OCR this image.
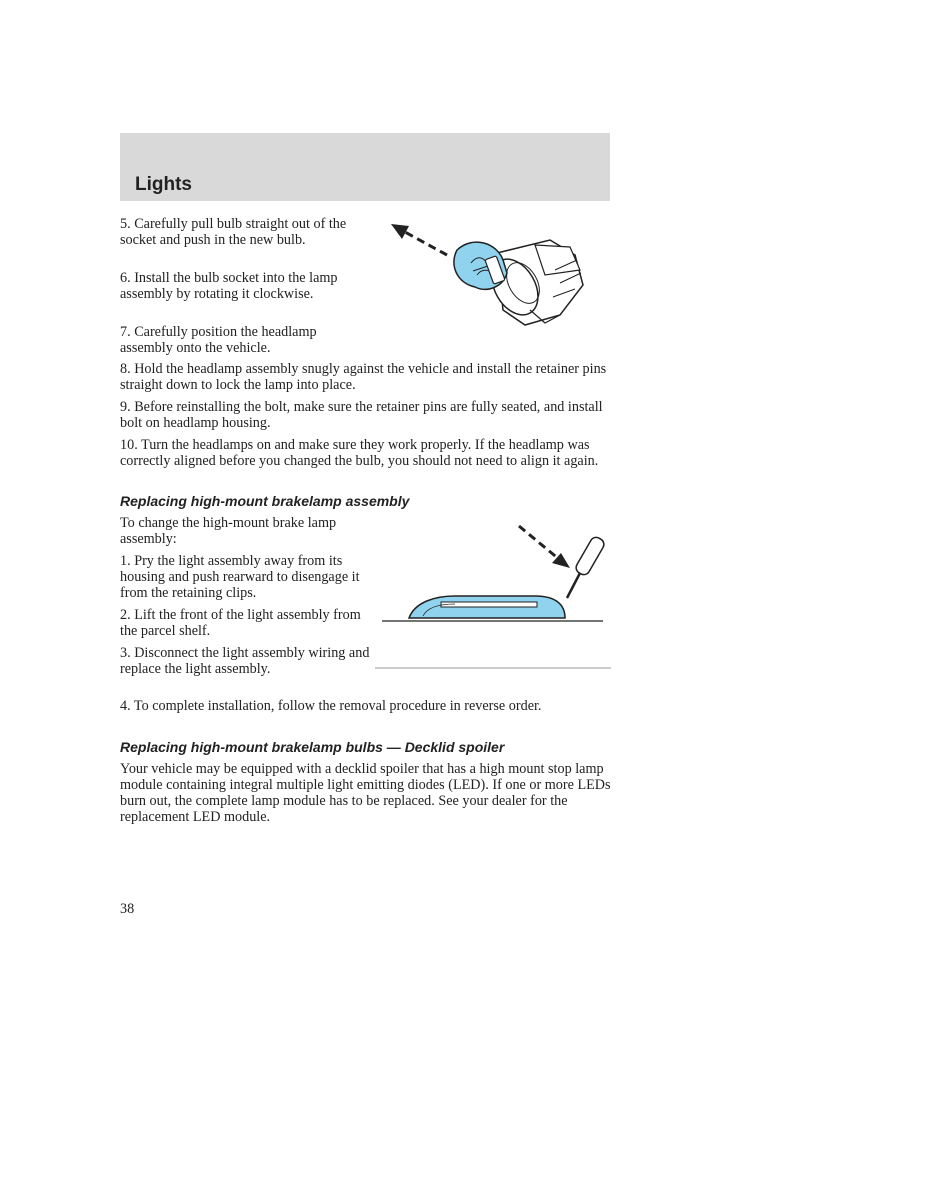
Lights

5. Carefully pull bulb straight out of the socket and push in the new bulb.

6. Install the bulb socket into the lamp assembly by rotating it clockwise.

7. Carefully position the headlamp assembly onto the vehicle.

8. Hold the headlamp assembly snugly against the vehicle and install the retainer pins straight down to lock the lamp into place.

9. Before reinstalling the bolt, make sure the retainer pins are fully seated, and install bolt on headlamp housing.

10. Turn the headlamps on and make sure they work properly. If the headlamp was correctly aligned before you changed the bulb, you should not need to align it again.

Replacing high-mount brakelamp assembly

To change the high-mount brake lamp assembly:

1. Pry the light assembly away from its housing and push rearward to disengage it from the retaining clips.

2. Lift the front of the light assembly from the parcel shelf.

3. Disconnect the light assembly wiring and replace the light assembly.

4. To complete installation, follow the removal procedure in reverse order.

Replacing high-mount brakelamp bulbs — Decklid spoiler

Your vehicle may be equipped with a decklid spoiler that has a high mount stop lamp module containing integral multiple light emitting diodes (LED). If one or more LEDs burn out, the complete lamp module has to be replaced. See your dealer for the replacement LED module.

38
